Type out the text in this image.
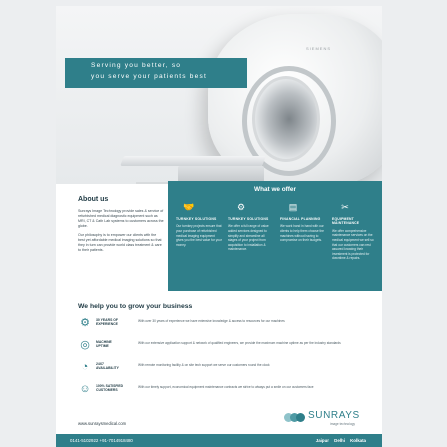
SIEMENS
Serving you better, so
you serve your patients best
About us

Sunrays Image Technology provide sales & service of refurbished medical diagnostic equipment such as MRI, CT & Cath Lab systems to customers across the globe.

Our philosophy is to empower our clients with the best yet affordable medical imaging solutions so that they in turn can provide world class treatment & care to their patients.

What we offer
🤝
TURNKEY SOLUTIONS
Our turnkey projects ensure that your purchase of refurbished medical imaging equipment gives you the best value for your money.
⚙
TURNKEY SOLUTIONS
We offer a full range of value added services designed to simplify and streamline all stages of your project from acquisition to installation & maintenance.
▤
FINANCIAL PLANNING
We work hand in hand with our clients to help them choose the machines without having to compromise on their budgets.
✂
EQUIPMENT MAINTENANCE
We offer comprehensive maintenance services on the medical equipment we sell so that our customers can rest assured knowing their investment is protected for downtime & repairs.
We help you to grow your business
⚙	30 YEARS OF
EXPERIENCE
With over 30 years of experience we have extensive knowledge & access to resources for our machines
◎	MACHINE
UPTIME
With our extensive application support & network of qualified engineers, we provide the maximum machine uptime as per the industry standards
◔	24X7
AVAILABILITY
With remote monitoring facility & on site tech support we serve our customers round the clock
☺	100% SATISFIED
CUSTOMERS
With our timely support, economical equipment maintenance contracts we strive to always put a smile on our customers face
www.sunraysmedical.com
SUNRAYS
image technology
0141-5102922 +91-7014918480	Jaipur Delhi Kolkata
